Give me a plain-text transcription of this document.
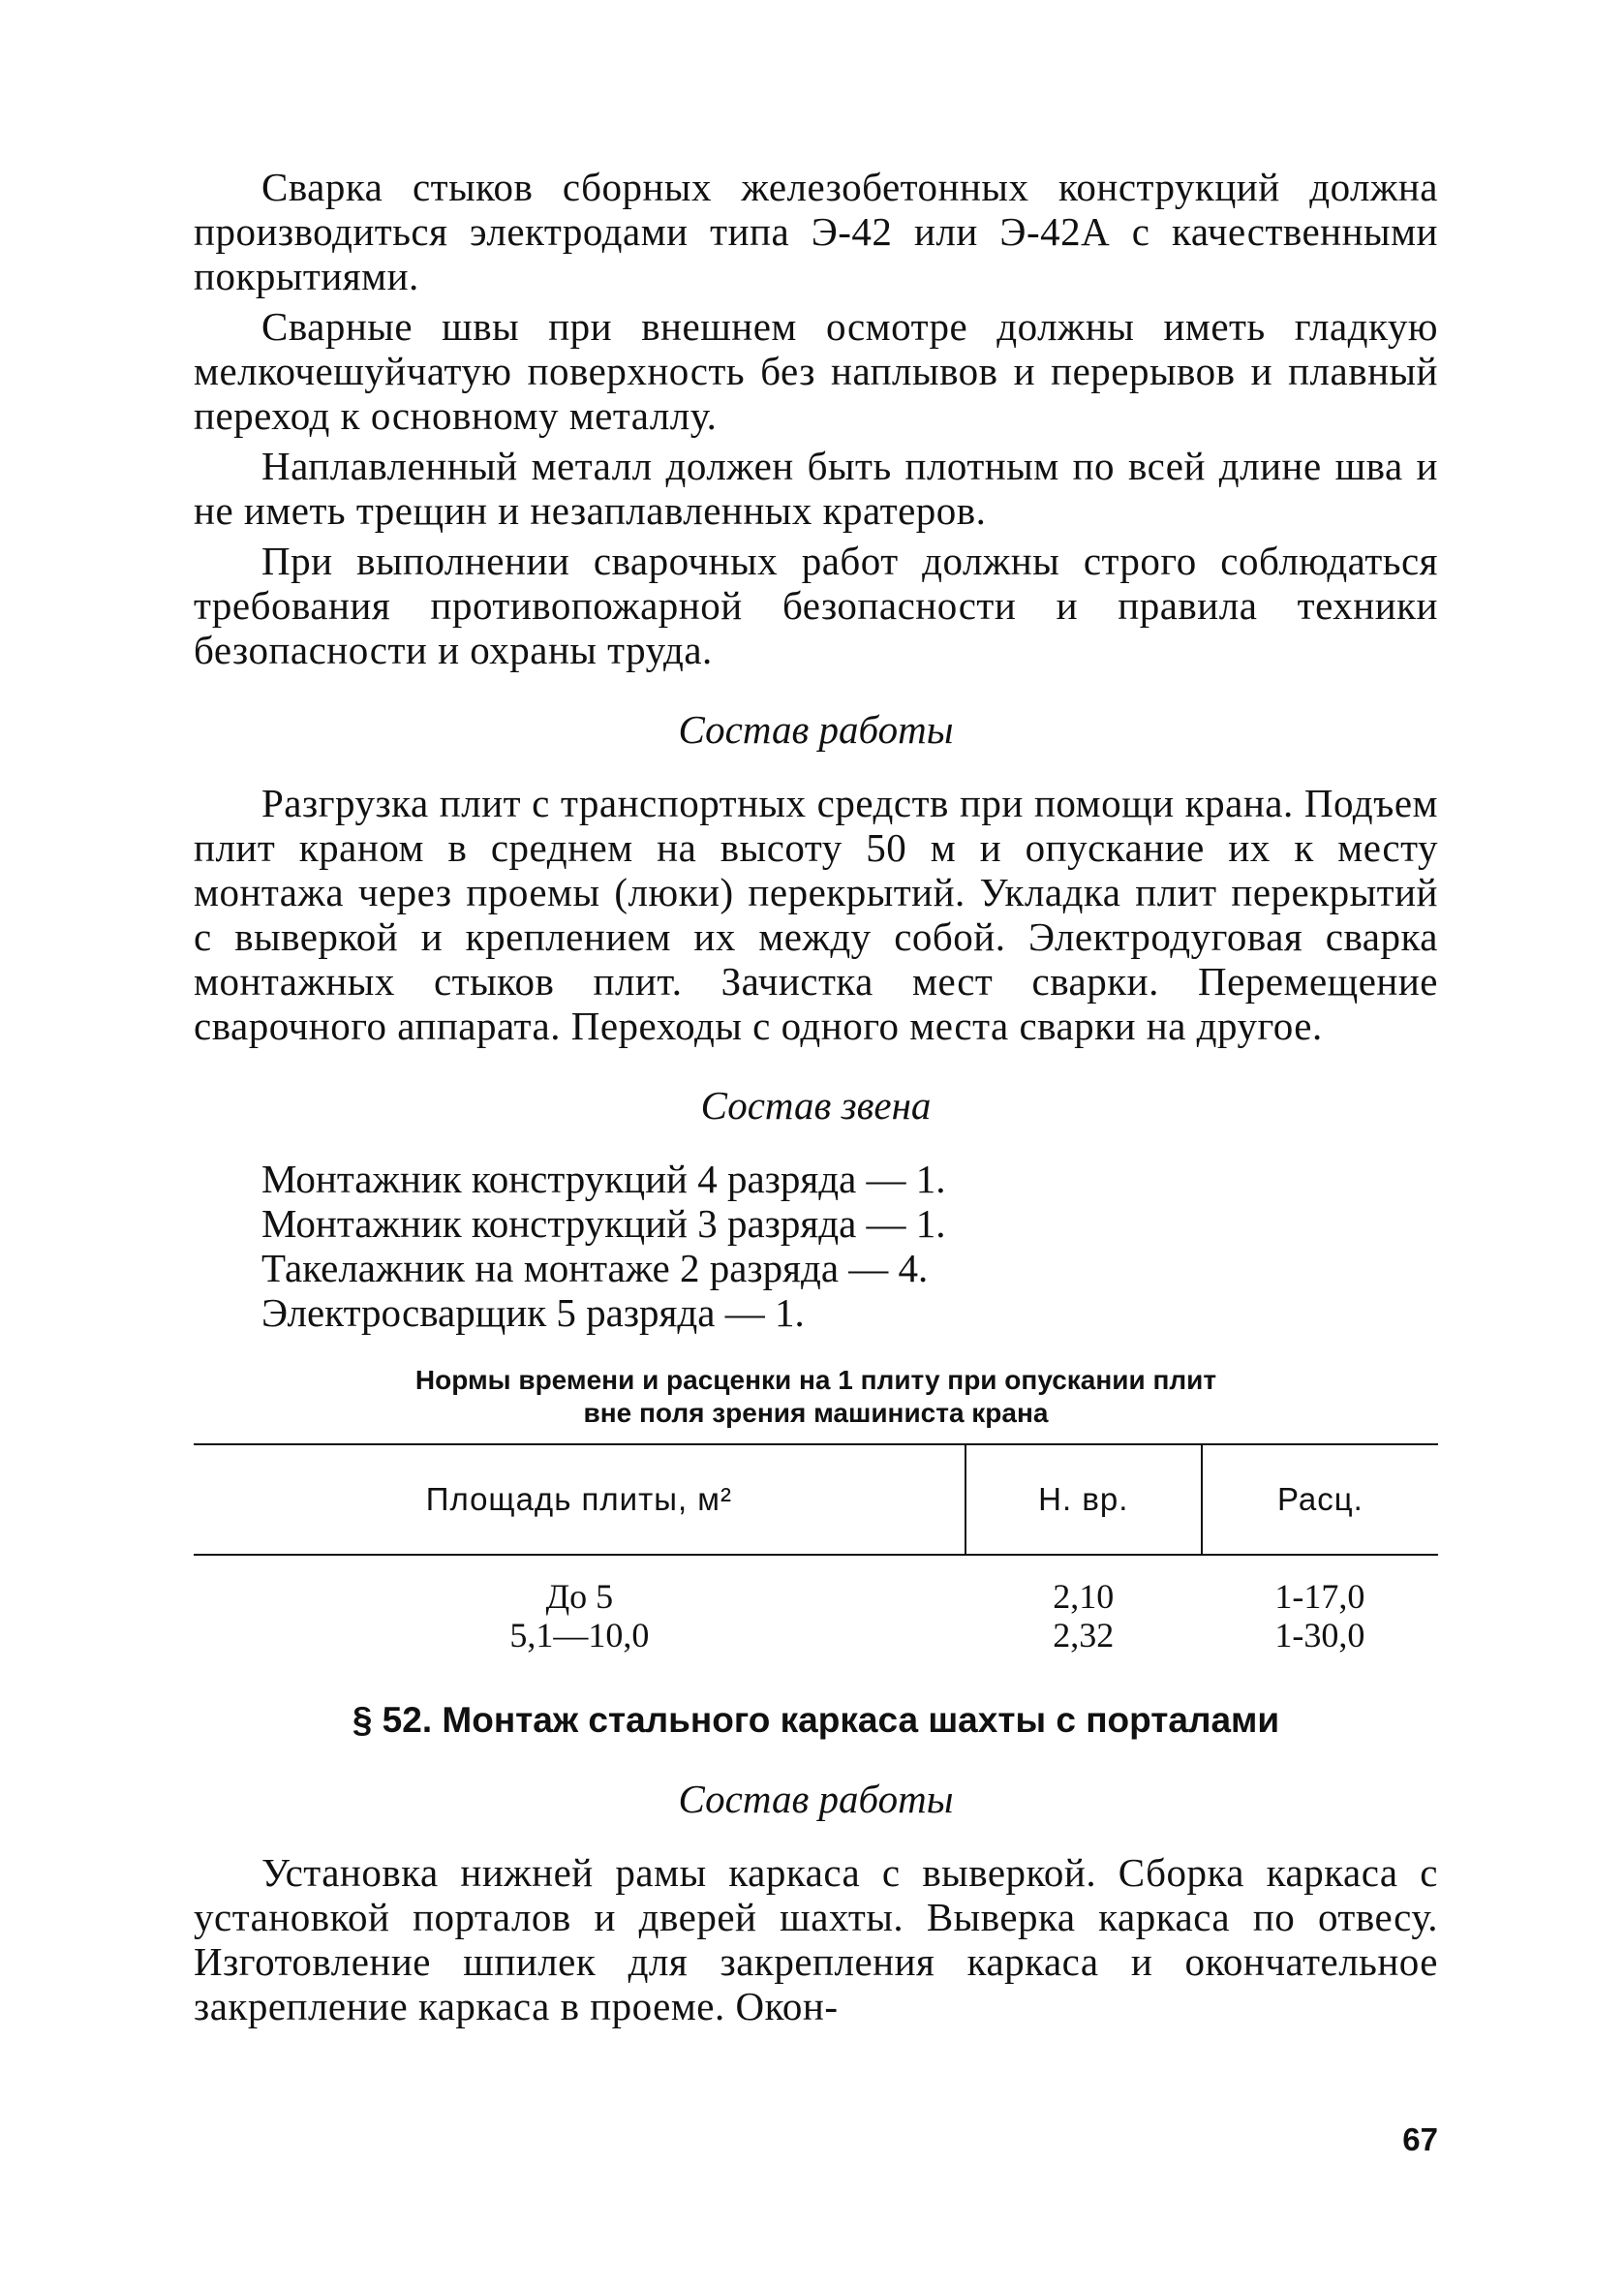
Сварка стыков сборных железобетонных конструкций должна производиться электродами типа Э-42 или Э-42А с качественными покрытиями.

Сварные швы при внешнем осмотре должны иметь гладкую мелкочешуйчатую поверхность без наплывов и перерывов и плавный переход к основному металлу.

Наплавленный металл должен быть плотным по всей длине шва и не иметь трещин и незаплавленных кратеров.

При выполнении сварочных работ должны строго соблюдаться требования противопожарной безопасности и правила техники безопасности и охраны труда.

Состав работы

Разгрузка плит с транспортных средств при помощи крана. Подъем плит краном в среднем на высоту 50 м и опускание их к месту монтажа через проемы (люки) перекрытий. Укладка плит перекрытий с выверкой и креплением их между собой. Электродуговая сварка монтажных стыков плит. Зачистка мест сварки. Перемещение сварочного аппарата. Переходы с одного места сварки на другое.

Состав звена
Монтажник конструкций 4 разряда — 1.
Монтажник конструкций 3 разряда — 1.
Такелажник на монтаже 2 разряда — 4.
Электросварщик 5 разряда — 1.
Нормы времени и расценки на 1 плиту при опускании плит
вне поля зрения машиниста крана
Площадь плиты, м²	Н. вр.	Расц.
До 5	2,10	1-17,0
5,1—10,0	2,32	1-30,0
§ 52. Монтаж стального каркаса шахты с порталами
Состав работы

Установка нижней рамы каркаса с выверкой. Сборка каркаса с установкой порталов и дверей шахты. Выверка каркаса по отвесу. Изготовление шпилек для закрепления каркаса и окончательное закрепление каркаса в проеме. Окон-

67
